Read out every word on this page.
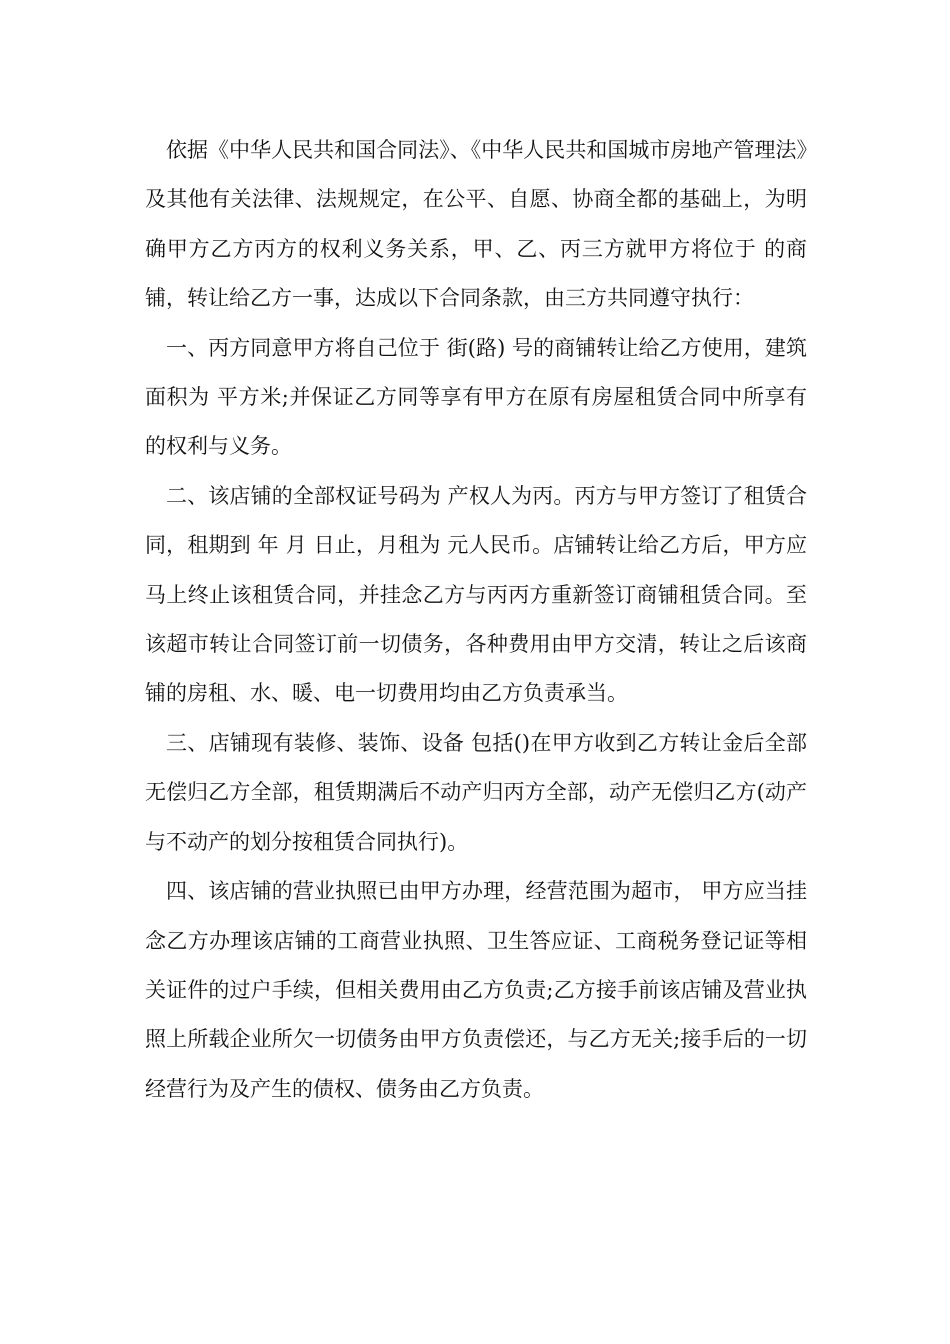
依据《中华人民共和国合同法》、《中华人民共和国城市房地产管理法》及其他有关法律、法规规定，在公平、自愿、协商全都的基础上，为明确甲方乙方丙方的权利义务关系，甲、乙、丙三方就甲方将位于 的商铺，转让给乙方一事，达成以下合同条款，由三方共同遵守执行：

一、丙方同意甲方将自己位于 街(路) 号的商铺转让给乙方使用，建筑面积为 平方米;并保证乙方同等享有甲方在原有房屋租赁合同中所享有的权利与义务。

二、该店铺的全部权证号码为 产权人为丙。丙方与甲方签订了租赁合同，租期到 年 月 日止，月租为 元人民币。店铺转让给乙方后，甲方应马上终止该租赁合同，并挂念乙方与丙丙方重新签订商铺租赁合同。至该超市转让合同签订前一切债务，各种费用由甲方交清，转让之后该商铺的房租、水、暖、电一切费用均由乙方负责承当。

三、店铺现有装修、装饰、设备 包括()在甲方收到乙方转让金后全部无偿归乙方全部，租赁期满后不动产归丙方全部，动产无偿归乙方(动产与不动产的划分按租赁合同执行)。

四、该店铺的营业执照已由甲方办理，经营范围为超市， 甲方应当挂念乙方办理该店铺的工商营业执照、卫生答应证、工商税务登记证等相关证件的过户手续，但相关费用由乙方负责;乙方接手前该店铺及营业执照上所载企业所欠一切债务由甲方负责偿还，与乙方无关;接手后的一切经营行为及产生的债权、债务由乙方负责。
